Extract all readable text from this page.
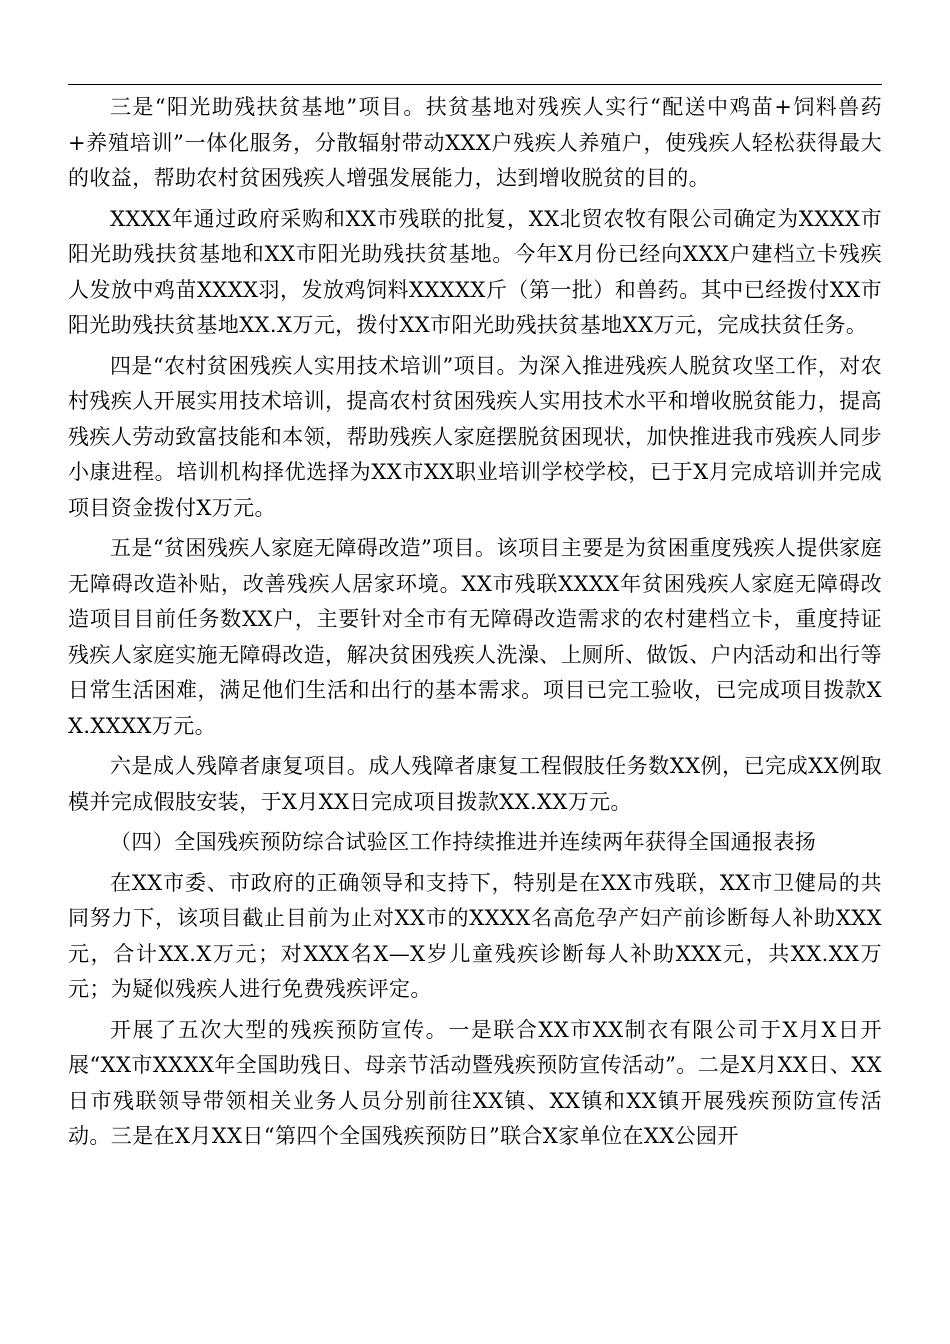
三是“阳光助残扶贫基地”项目。扶贫基地对残疾人实行“配送中鸡苗+饲料兽药+养殖培训”一体化服务，分散辐射带动XXX户残疾人养殖户，使残疾人轻松获得最大的收益，帮助农村贫困残疾人增强发展能力，达到增收脱贫的目的。

XXXX年通过政府采购和XX市残联的批复，XX北贸农牧有限公司确定为XXXX市阳光助残扶贫基地和XX市阳光助残扶贫基地。今年X月份已经向XXX户建档立卡残疾人发放中鸡苗XXXX羽，发放鸡饲料XXXXX斤（第一批）和兽药。其中已经拨付XX市阳光助残扶贫基地XX.X万元，拨付XX市阳光助残扶贫基地XX万元，完成扶贫任务。

四是“农村贫困残疾人实用技术培训”项目。为深入推进残疾人脱贫攻坚工作，对农村残疾人开展实用技术培训，提高农村贫困残疾人实用技术水平和增收脱贫能力，提高残疾人劳动致富技能和本领，帮助残疾人家庭摆脱贫困现状，加快推进我市残疾人同步小康进程。培训机构择优选择为XX市XX职业培训学校学校，已于X月完成培训并完成项目资金拨付X万元。

五是“贫困残疾人家庭无障碍改造”项目。该项目主要是为贫困重度残疾人提供家庭无障碍改造补贴，改善残疾人居家环境。XX市残联XXXX年贫困残疾人家庭无障碍改造项目目前任务数XX户，主要针对全市有无障碍改造需求的农村建档立卡，重度持证残疾人家庭实施无障碍改造，解决贫困残疾人洗澡、上厕所、做饭、户内活动和出行等日常生活困难，满足他们生活和出行的基本需求。项目已完工验收，已完成项目拨款XX.XXXX万元。

六是成人残障者康复项目。成人残障者康复工程假肢任务数XX例，已完成XX例取模并完成假肢安装，于X月XX日完成项目拨款XX.XX万元。

（四）全国残疾预防综合试验区工作持续推进并连续两年获得全国通报表扬

在XX市委、市政府的正确领导和支持下，特别是在XX市残联，XX市卫健局的共同努力下，该项目截止目前为止对XX市的XXXX名高危孕产妇产前诊断每人补助XXX元，合计XX.X万元；对XXX名X—X岁儿童残疾诊断每人补助XXX元，共XX.XX万元；为疑似残疾人进行免费残疾评定。

开展了五次大型的残疾预防宣传。一是联合XX市XX制衣有限公司于X月X日开展“XX市XXXX年全国助残日、母亲节活动暨残疾预防宣传活动”。二是X月XX日、XX日市残联领导带领相关业务人员分别前往XX镇、XX镇和XX镇开展残疾预防宣传活动。三是在X月XX日“第四个全国残疾预防日”联合X家单位在XX公园开
